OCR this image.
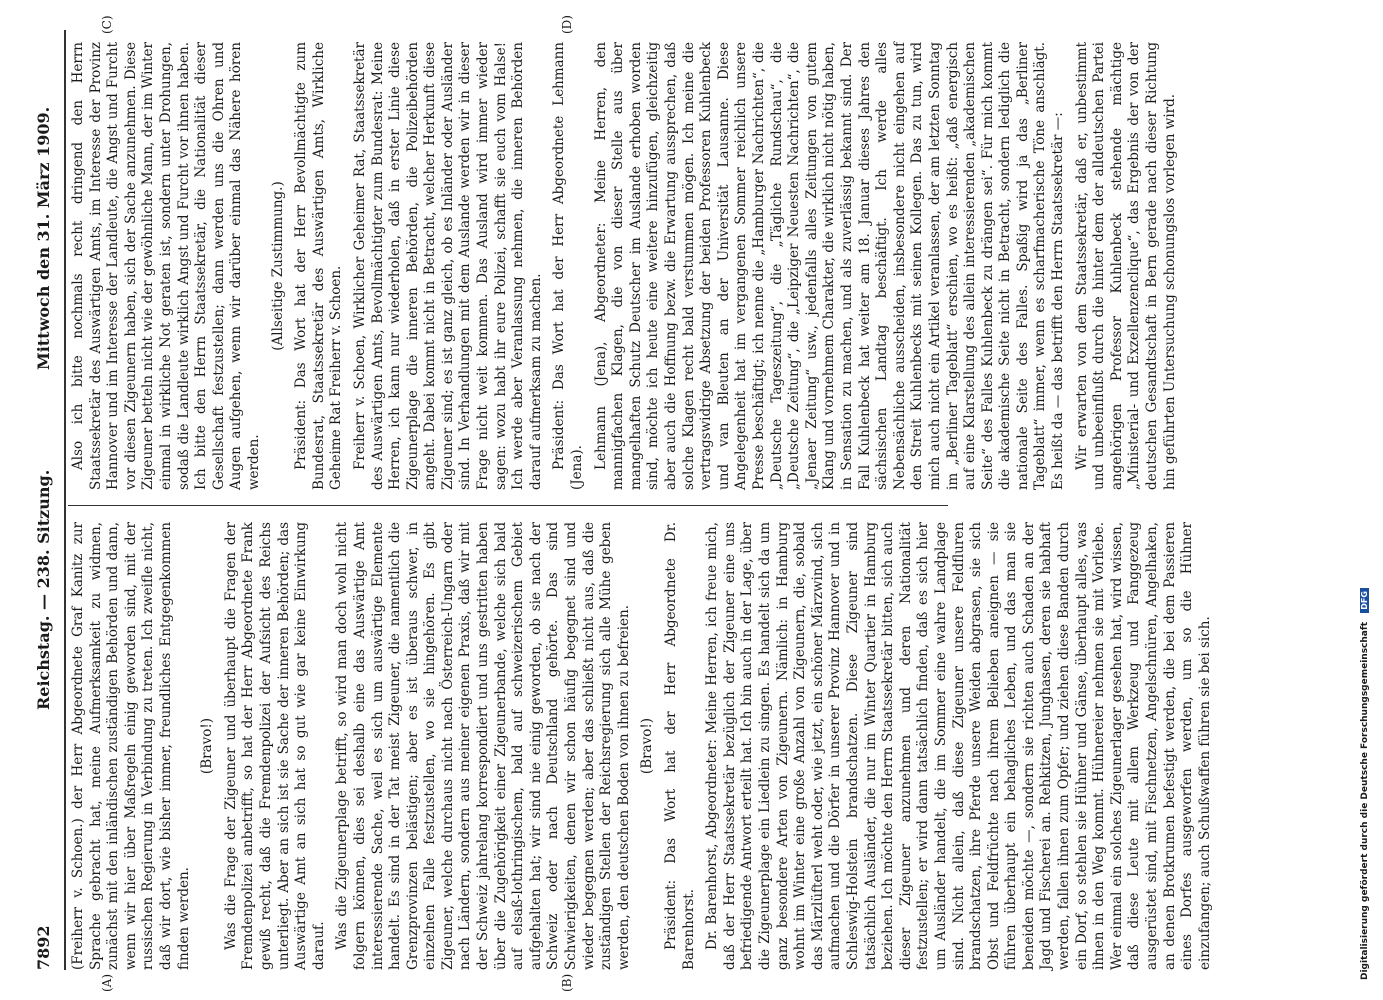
7892
Reichstag. — 238. Sitzung.
Mittwoch den 31. März 1909.
(A)	(B)
(C)	(D)

(Freiherr v. Schoen.) der Herr Abgeordnete Graf Kanitz zur Sprache gebracht hat, meine Aufmerksamkeit zu widmen, zunächst mit den inländischen zuständigen Behörden und dann, wenn wir hier über Maßregeln einig geworden sind, mit der russischen Regierung in Verbindung zu treten. Ich zweifle nicht, daß wir dort, wie bisher immer, freundliches Entgegenkommen finden werden.

(Bravo!) Was die Frage der Zigeuner und überhaupt die Fragen der Fremdenpolizei anbetrifft, so hat der Herr Abgeordnete Frank gewiß recht, daß die Fremdenpolizei der Aufsicht des Reichs unterliegt. Aber an sich ist sie Sache der inneren Behörden; das Auswärtige Amt an sich hat so gut wie gar keine Einwirkung darauf. Was die Zigeunerplage betrifft, so wird man doch wohl nicht folgern können, dies sei deshalb eine das Auswärtige Amt interessierende Sache, weil es sich um auswärtige Elemente handelt. Es sind in der Tat meist Zigeuner, die namentlich die Grenzprovinzen belästigen; aber es ist überaus schwer, in einzelnen Falle festzustellen, wo sie hingehören. Es gibt Zigeuner, welche durchaus nicht nach Österreich-Ungarn oder nach Ländern, sondern aus meiner eigenen Praxis, daß wir mit der Schweiz jahrelang korrespondiert und uns gestritten haben über die Zugehörigkeit einer Zigeunerbande, welche sich bald auf elsaß-lothringischem, bald auf schweizerischem Gebiet aufgehalten hat; wir sind nie einig geworden, ob sie nach der Schweiz oder nach Deutschland gehörte. Das sind Schwierigkeiten, denen wir schon häufig begegnet sind und wieder begegnen werden; aber das schließt nicht aus, daß die zuständigen Stellen der Reichsregierung sich alle Mühe geben werden, den deutschen Boden von ihnen zu befreien. (Bravo!) Präsident: Das Wort hat der Herr Abgeordnete Dr. Barenhorst. Dr. Barenhorst, Abgeordneter: Meine Herren, ich freue mich, daß der Herr Staatssekretär bezüglich der Zigeuner eine uns befriedigende Antwort erteilt hat. Ich bin auch in der Lage, über die Zigeunerplage ein Liedlein zu singen. Es handelt sich da um ganz besondere Arten von Zigeunern. Nämlich: in Hamburg wohnt im Winter eine große Anzahl von Zigeunern, die, sobald das Märzlüfterl weht oder, wie jetzt, ein schöner Märzwind, sich aufmachen und die Dörfer in unserer Provinz Hannover und in Schleswig-Holstein brandschatzen. Diese Zigeuner sind tatsächlich Ausländer, die nur im Winter Quartier in Hamburg beziehen. Ich möchte den Herrn Staatssekretär bitten, sich auch dieser Zigeuner anzunehmen und deren Nationalität festzustellen; er wird dann tatsächlich finden, daß es sich hier um Ausländer handelt, die im Sommer eine wahre Landplage sind. Nicht allein, daß diese Zigeuner unsere Feldfluren brandschatzen, ihre Pferde unsere Weiden abgrasen, sie sich Obst und Feldfrüchte nach ihrem Belieben aneignen — sie führen überhaupt ein behagliches Leben, und das man sie beneiden möchte —, sondern sie richten auch Schaden an der Jagd und Fischerei an. Rehkitzen, Junghasen, deren sie habhaft werden, fallen ihnen zum Opfer; und ziehen diese Banden durch ein Dorf, so stehlen sie Hühner und Gänse, überhaupt alles, was ihnen in den Weg kommt. Hühnereier nehmen sie mit Vorliebe. Wer einmal ein solches Zigeunerlager gesehen hat, wird wissen, daß diese Leute mit allem Werkzeug und Fanggezeug ausgerüstet sind, mit Fischnetzen, Angelschnüren, Angelhaken, an denen Brotkrumen befestigt werden, die bei dem Passieren eines Dorfes ausgeworfen werden, um so die Hühner einzufangen; auch Schußwaffen führen sie bei sich.

Also ich bitte nochmals recht dringend den Herrn Staatssekretär des Auswärtigen Amts, im Interesse der Provinz Hannover und im Interesse der Landleute, die Angst und Furcht vor diesen Zigeunern haben, sich der Sache anzunehmen. Diese Zigeuner betteln nicht wie der gewöhnliche Mann, der im Winter einmal in wirkliche Not geraten ist, sondern unter Drohungen, sodaß die Landleute wirklich Angst und Furcht vor ihnen haben. Ich bitte den Herrn Staatssekretär, die Nationalität dieser Gesellschaft festzustellen; dann werden uns die Ohren und Augen aufgehen, wenn wir darüber einmal das Nähere hören werden.

(Allseitige Zustimmung.) Präsident: Das Wort hat der Herr Bevollmächtigte zum Bundesrat, Staatssekretär des Auswärtigen Amts, Wirkliche Geheime Rat Freiherr v. Schoen. Freiherr v. Schoen, Wirklicher Geheimer Rat, Staatssekretär des Auswärtigen Amts, Bevollmächtigter zum Bundesrat: Meine Herren, ich kann nur wiederholen, daß in erster Linie diese Zigeunerplage die inneren Behörden, die Polizeibehörden angeht. Dabei kommt nicht in Betracht, welcher Herkunft diese Zigeuner sind; es ist ganz gleich, ob es Inländer oder Ausländer sind. In Verhandlungen mit dem Auslande werden wir in dieser Frage nicht weit kommen. Das Ausland wird immer wieder sagen: wozu habt ihr eure Polizei, schafft sie euch vom Halse! Ich werde aber Veranlassung nehmen, die inneren Behörden darauf aufmerksam zu machen. Präsident: Das Wort hat der Herr Abgeordnete Lehmann (Jena). Lehmann (Jena), Abgeordneter: Meine Herren, den mannigfachen Klagen, die von dieser Stelle aus über mangelhaften Schutz Deutscher im Auslande erhoben worden sind, möchte ich heute eine weitere hinzufügen, gleichzeitig aber auch die Hoffnung bezw. die Erwartung aussprechen, daß solche Klagen recht bald verstummen mögen. Ich meine die vertragswidrige Absetzung der beiden Professoren Kuhlenbeck und van Bleuten an der Universität Lausanne. Diese Angelegenheit hat im vergangenen Sommer reichlich unsere Presse beschäftigt; ich nenne die „Hamburger Nachrichten“, die „Deutsche Tageszeitung“, die „Tägliche Rundschau“, die „Deutsche Zeitung“, die „Leipziger Neuesten Nachrichten“, die „Jenaer Zeitung“ usw., jedenfalls alles Zeitungen von gutem Klang und vornehmem Charakter, die wirklich nicht nötig haben, in Sensation zu machen, und als zuverlässig bekannt sind. Der Fall Kuhlenbeck hat weiter am 18. Januar dieses Jahres den sächsischen Landtag beschäftigt. Ich werde alles Nebensächliche ausscheiden, insbesondere nicht eingehen auf den Streit Kuhlenbecks mit seinen Kollegen. Das zu tun, wird mich auch nicht ein Artikel veranlassen, der am letzten Sonntag im „Berliner Tageblatt“ erschien, wo es heißt: „daß energisch auf eine Klarstellung des allein interessierenden „akademischen Seite“ des Falles Kuhlenbeck zu drängen sei“. Für mich kommt die akademische Seite nicht in Betracht, sondern lediglich die nationale Seite des Falles. Spaßig wird ja das „Berliner Tageblatt“ immer, wenn es scharfmacherische Töne anschlägt. Es heißt da — das betrifft den Herrn Staatssekretär —: Wir erwarten von dem Staatssekretär, daß er, unbestimmt und unbeeinflußt durch die hinter dem der alldeutschen Partei angehörigen Professor Kuhlenbeck stehende mächtige „Ministerial- und Exzellenzenclique“, das Ergebnis der von der deutschen Gesandtschaft in Bern gerade nach dieser Richtung hin geführten Untersuchung schonungslos vorlegen wird.

Digitalisierung gefördert durch die Deutsche Forschungsgemeinschaft DFG
